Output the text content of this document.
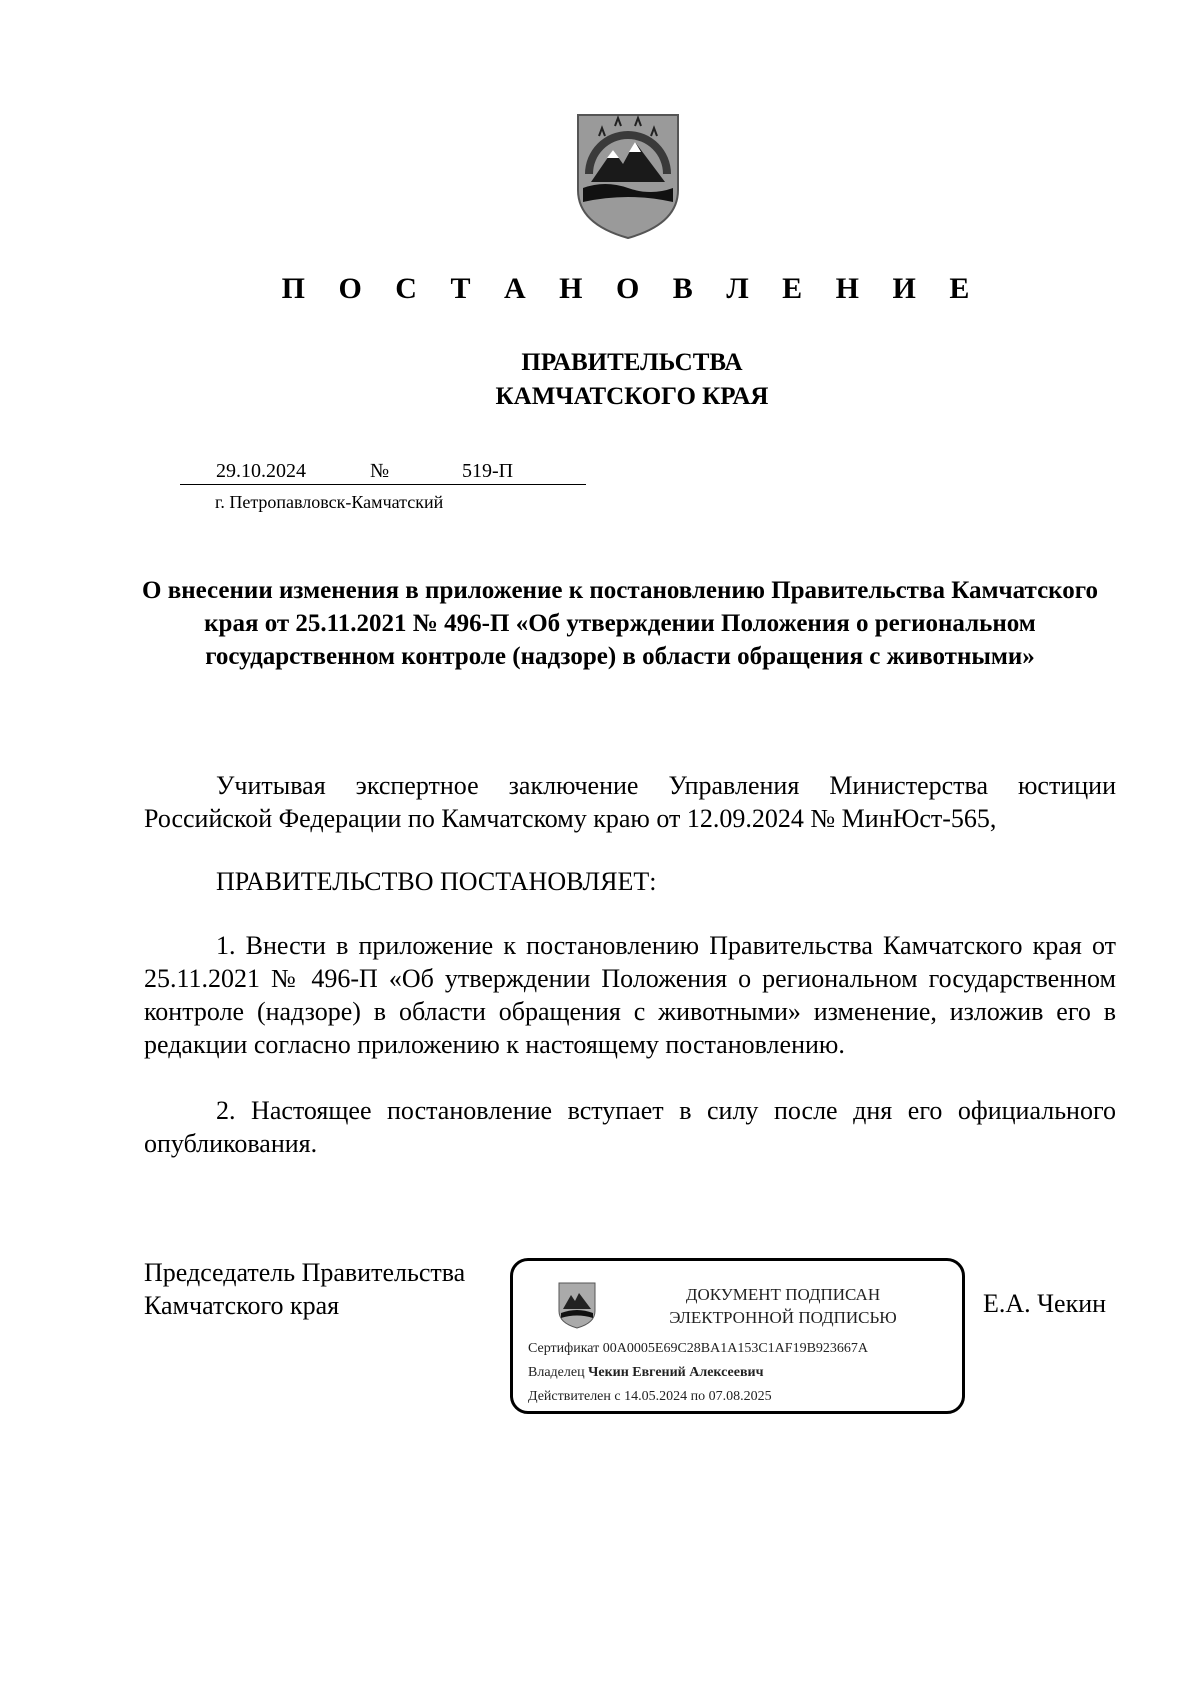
П О С Т А Н О В Л Е Н И Е
ПРАВИТЕЛЬСТВА
КАМЧАТСКОГО КРАЯ
29.10.2024	№	519-П
г. Петропавловск-Камчатский
О внесении изменения в приложение к постановлению Правительства Камчатского края от 25.11.2021 № 496-П «Об утверждении Положения о региональном государственном контроле (надзоре) в области обращения с животными»
Учитывая экспертное заключение Управления Министерства юстиции Российской Федерации по Камчатскому краю от 12.09.2024 № МинЮст-565,
ПРАВИТЕЛЬСТВО ПОСТАНОВЛЯЕТ:
1. Внести в приложение к постановлению Правительства Камчатского края от 25.11.2021 № 496-П «Об утверждении Положения о региональном государственном контроле (надзоре) в области обращения с животными» изменение, изложив его в редакции согласно приложению к настоящему постановлению.
2. Настоящее постановление вступает в силу после дня его официального опубликования.
Председатель Правительства
Камчатского края	ДОКУМЕНТ ПОДПИСАН
ЭЛЕКТРОННОЙ ПОДПИСЬЮ
Сертификат 00A0005E69C28BA1A153C1AF19B923667A
Владелец Чекин Евгений Алексеевич
Действителен с 14.05.2024 по 07.08.2025
Е.А. Чекин
